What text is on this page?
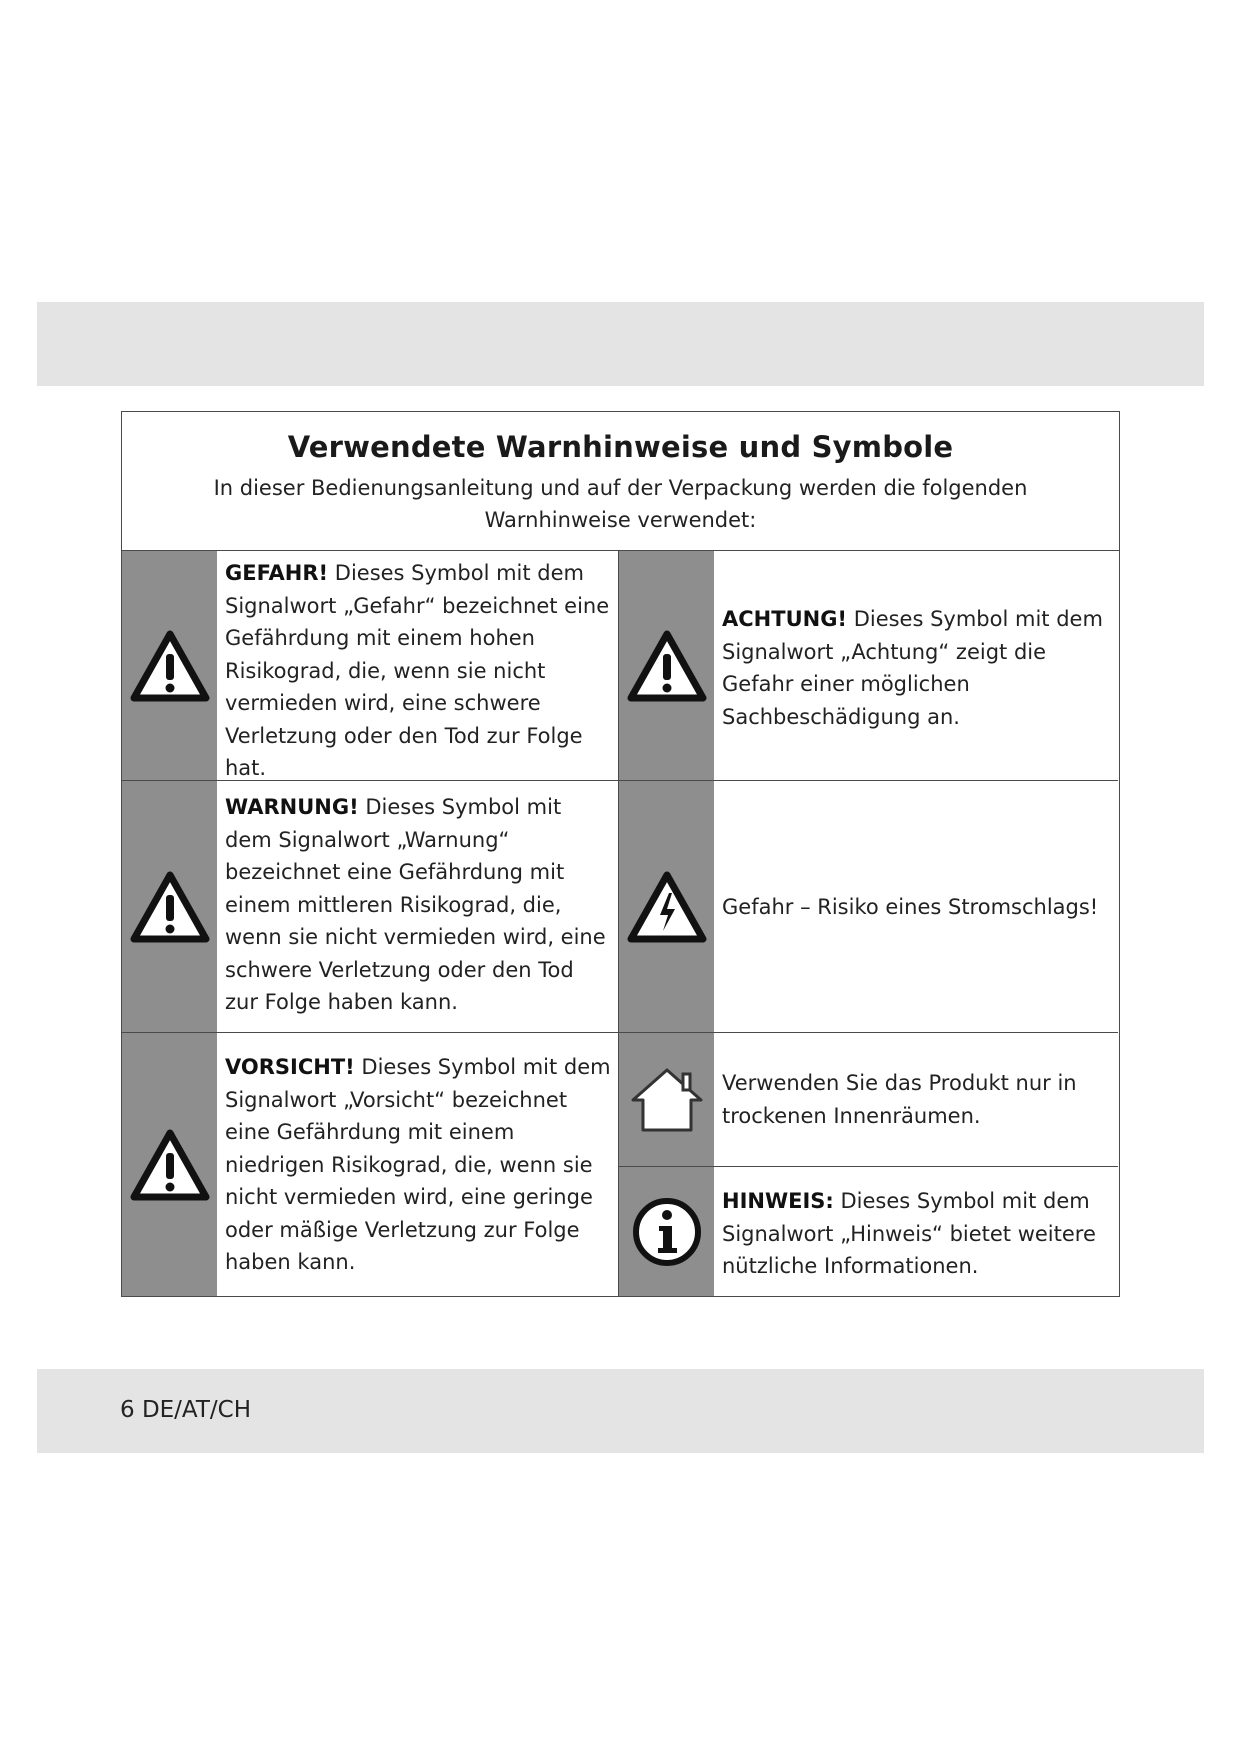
Verwendete Warnhinweise und Symbole
In dieser Bedienungsanleitung und auf der Verpackung werden die folgenden Warnhinweise verwendet:
GEFAHR! Dieses Symbol mit dem Signalwort „Gefahr“ bezeichnet eine Gefährdung mit einem hohen Risikograd, die, wenn sie nicht vermieden wird, eine schwere Verletzung oder den Tod zur Folge hat.
ACHTUNG! Dieses Symbol mit dem Signalwort „Achtung“ zeigt die Gefahr einer möglichen Sachbeschädigung an.
WARNUNG! Dieses Symbol mit dem Signalwort „Warnung“ bezeichnet eine Gefährdung mit einem mittleren Risikograd, die, wenn sie nicht vermieden wird, eine schwere Verletzung oder den Tod zur Folge haben kann.
Gefahr – Risiko eines Stromschlags!
VORSICHT! Dieses Symbol mit dem Signalwort „Vorsicht“ bezeichnet eine Gefährdung mit einem niedrigen Risikograd, die, wenn sie nicht vermieden wird, eine geringe oder mäßige Verletzung zur Folge haben kann.
Verwenden Sie das Produkt nur in trockenen Innenräumen.
HINWEIS: Dieses Symbol mit dem Signalwort „Hinweis“ bietet weitere nützliche Informationen.
6 DE/AT/CH
